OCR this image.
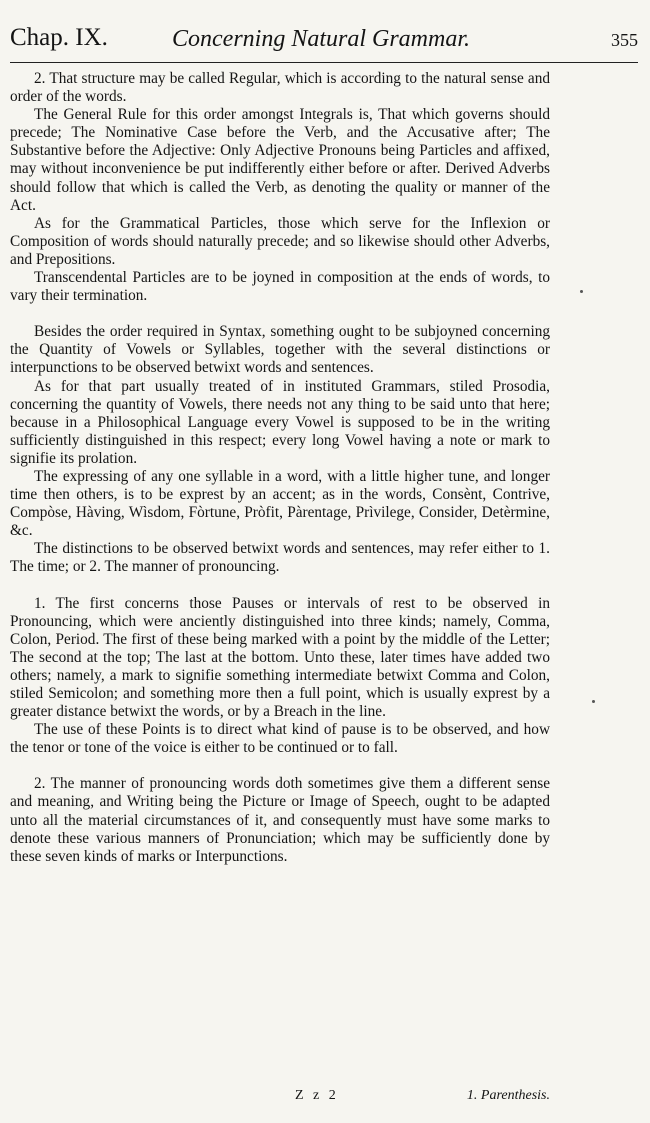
Chap. IX.	Concerning Natural Grammar.	355

2. That structure may be called Regular, which is according to the natural sense and order of the words.

The General Rule for this order amongst Integrals is, That which governs should precede; The Nominative Case before the Verb, and the Accusative after; The Substantive before the Adjective: Only Adjective Pronouns being Particles and affixed, may without inconvenience be put indifferently either before or after. Derived Adverbs should follow that which is called the Verb, as denoting the quality or manner of the Act.

As for the Grammatical Particles, those which serve for the Inflexion or Composition of words should naturally precede; and so likewise should other Adverbs, and Prepositions.

Transcendental Particles are to be joyned in composition at the ends of words, to vary their termination.

Besides the order required in Syntax, something ought to be subjoyned concerning the Quantity of Vowels or Syllables, together with the several distinctions or interpunctions to be observed betwixt words and sentences.

As for that part usually treated of in instituted Grammars, stiled Prosodia, concerning the quantity of Vowels, there needs not any thing to be said unto that here; because in a Philosophical Language every Vowel is supposed to be in the writing sufficiently distinguished in this respect; every long Vowel having a note or mark to signifie its prolation.

The expressing of any one syllable in a word, with a little higher tune, and longer time then others, is to be exprest by an accent; as in the words, Consènt, Contrive, Compòse, Hàving, Wìsdom, Fòrtune, Pròfit, Pàrentage, Prìvilege, Consider, Detèrmine, &c.

The distinctions to be observed betwixt words and sentences, may refer either to 1. The time; or 2. The manner of pronouncing.

1. The first concerns those Pauses or intervals of rest to be observed in Pronouncing, which were anciently distinguished into three kinds; namely, Comma, Colon, Period. The first of these being marked with a point by the middle of the Letter; The second at the top; The last at the bottom. Unto these, later times have added two others; namely, a mark to signifie something intermediate betwixt Comma and Colon, stiled Semicolon; and something more then a full point, which is usually exprest by a greater distance betwixt the words, or by a Breach in the line.

The use of these Points is to direct what kind of pause is to be observed, and how the tenor or tone of the voice is either to be continued or to fall.

2. The manner of pronouncing words doth sometimes give them a different sense and meaning, and Writing being the Picture or Image of Speech, ought to be adapted unto all the material circumstances of it, and consequently must have some marks to denote these various manners of Pronunciation; which may be sufficiently done by these seven kinds of marks or Interpunctions.

Z z 2	1. Parenthesis.
